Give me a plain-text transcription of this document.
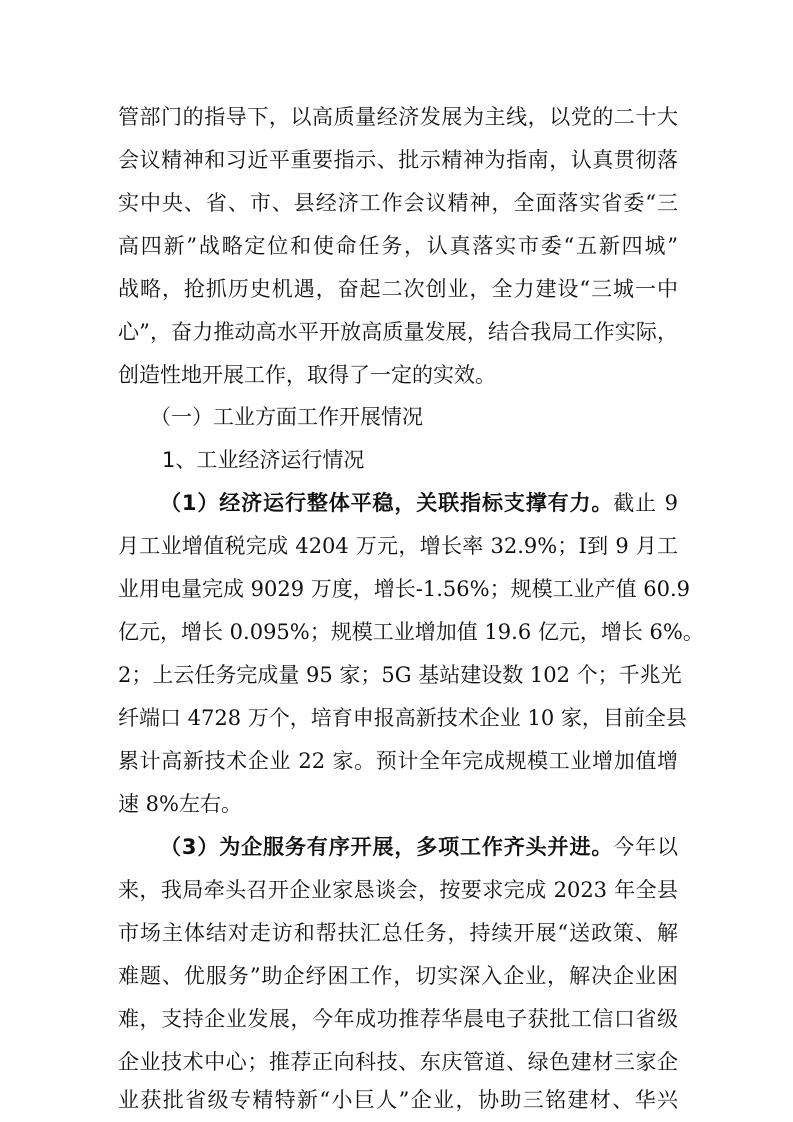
管部门的指导下，以高质量经济发展为主线，以党的二十大
会议精神和习近平重要指示、批示精神为指南，认真贯彻落
实中央、省、市、县经济工作会议精神，全面落实省委“三
高四新”战略定位和使命任务，认真落实市委“五新四城”
战略，抢抓历史机遇，奋起二次创业，全力建设“三城一中
心”，奋力推动高水平开放高质量发展，结合我局工作实际，
创造性地开展工作，取得了一定的实效。
（一）工业方面工作开展情况
1、工业经济运行情况
（1）经济运行整体平稳，关联指标支撑有力。截止 9
月工业增值税完成 4204 万元，增长率 32.9%；Ⅰ到 9 月工
业用电量完成 9029 万度，增长-1.56%；规模工业产值 60.9
亿元，增长 0.095%；规模工业增加值 19.6 亿元，增长 6%。
2；上云任务完成量 95 家；5G 基站建设数 102 个；千兆光
纤端口 4728 万个，培育申报高新技术企业 10 家，目前全县
累计高新技术企业 22 家。预计全年完成规模工业增加值增
速 8%左右。
（3）为企服务有序开展，多项工作齐头并进。今年以
来，我局牵头召开企业家恳谈会，按要求完成 2023 年全县
市场主体结对走访和帮扶汇总任务，持续开展“送政策、解
难题、优服务”助企纾困工作，切实深入企业，解决企业困
难，支持企业发展，今年成功推荐华晨电子获批工信口省级
企业技术中心；推荐正向科技、东庆管道、绿色建材三家企
业获批省级专精特新“小巨人”企业，协助三铭建材、华兴
